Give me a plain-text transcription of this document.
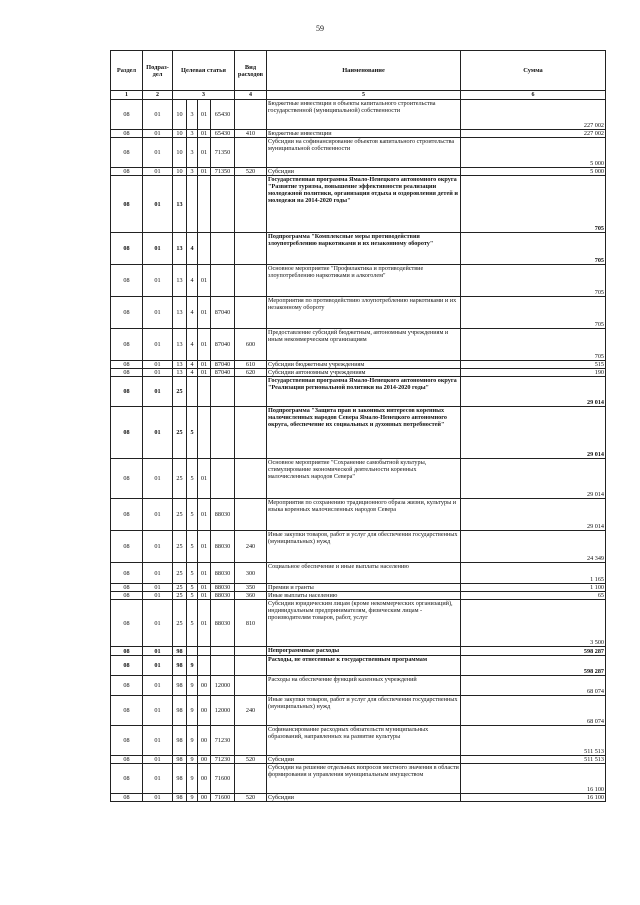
59
Раздел	Подраз-дел	Целевая статья				Вид расходов	Наименование	Сумма
1	2	3				4	5	6
08	01	10	3	01	65430		Бюджетные инвестиции в объекты капитального строительства государственной (муниципальной) собственности	227 002
08	01	10	3	01	65430	410	Бюджетные инвестиции	227 002
08	01	10	3	01	71350		Субсидии на софинансирование объектов капитального строительства муниципальной собственности	5 000
08	01	10	3	01	71350	520	Субсидии	5 000
08	01	13					Государственная программа Ямало-Ненецкого автономного округа "Развитие туризма, повышение эффективности реализации молодежной политики, организация отдыха и оздоровления детей и молодежи на 2014-2020 годы"	705
08	01	13	4				Подпрограмма "Комплексные меры противодействия злоупотреблению наркотиками и их незаконному обороту"	705
08	01	13	4	01			Основное мероприятие "Профилактика и противодействие злоупотреблению наркотиками и алкоголем"	705
08	01	13	4	01	87040		Мероприятия по противодействию злоупотреблению наркотиками и их незаконному обороту	705
08	01	13	4	01	87040	600	Предоставление субсидий бюджетным, автономным учреждениям и иным некоммерческим организациям	705
08	01	13	4	01	87040	610	Субсидии бюджетным учреждениям	515
08	01	13	4	01	87040	620	Субсидии автономным учреждениям	190
08	01	25					Государственная программа Ямало-Ненецкого автономного округа "Реализация региональной политики на 2014-2020 годы"	29 014
08	01	25	5				Подпрограмма "Защита прав и законных интересов коренных малочисленных народов Севера Ямало-Ненецкого автономного округа, обеспечение их социальных и духовных потребностей"	29 014
08	01	25	5	01			Основное мероприятие "Сохранение самобытной культуры, стимулирование экономической деятельности коренных малочисленных народов Севера"	29 014
08	01	25	5	01	88030		Мероприятия по сохранению традиционного образа жизни, культуры и языка коренных малочисленных народов Севера	29 014
08	01	25	5	01	88030	240	Иные закупки товаров, работ и услуг для обеспечения государственных (муниципальных) нужд	24 349
08	01	25	5	01	88030	300	Социальное обеспечение и иные выплаты населению	1 165
08	01	25	5	01	88030	350	Премии и гранты	1 100
08	01	25	5	01	88030	360	Иные выплаты населению	65
08	01	25	5	01	88030	810	Субсидии юридическим лицам (кроме некоммерческих организаций), индивидуальным предпринимателям, физическим лицам - производителям товаров, работ, услуг	3 500
08	01	98					Непрограммные расходы	598 287
08	01	98	9				Расходы, не отнесенные к государственным программам	598 287
08	01	98	9	00	12000		Расходы на обеспечение функций казенных учреждений	68 074
08	01	98	9	00	12000	240	Иные закупки товаров, работ и услуг для обеспечения государственных (муниципальных) нужд	68 074
08	01	98	9	00	71230		Софинансирование расходных обязательств муниципальных образований, направленных на развитие культуры	511 513
08	01	98	9	00	71230	520	Субсидии	511 513
08	01	98	9	00	71600		Субсидии на решение отдельных вопросов местного значения в области формирования и управления муниципальным имуществом	16 100
08	01	98	9	00	71600	520	Субсидии	16 100
